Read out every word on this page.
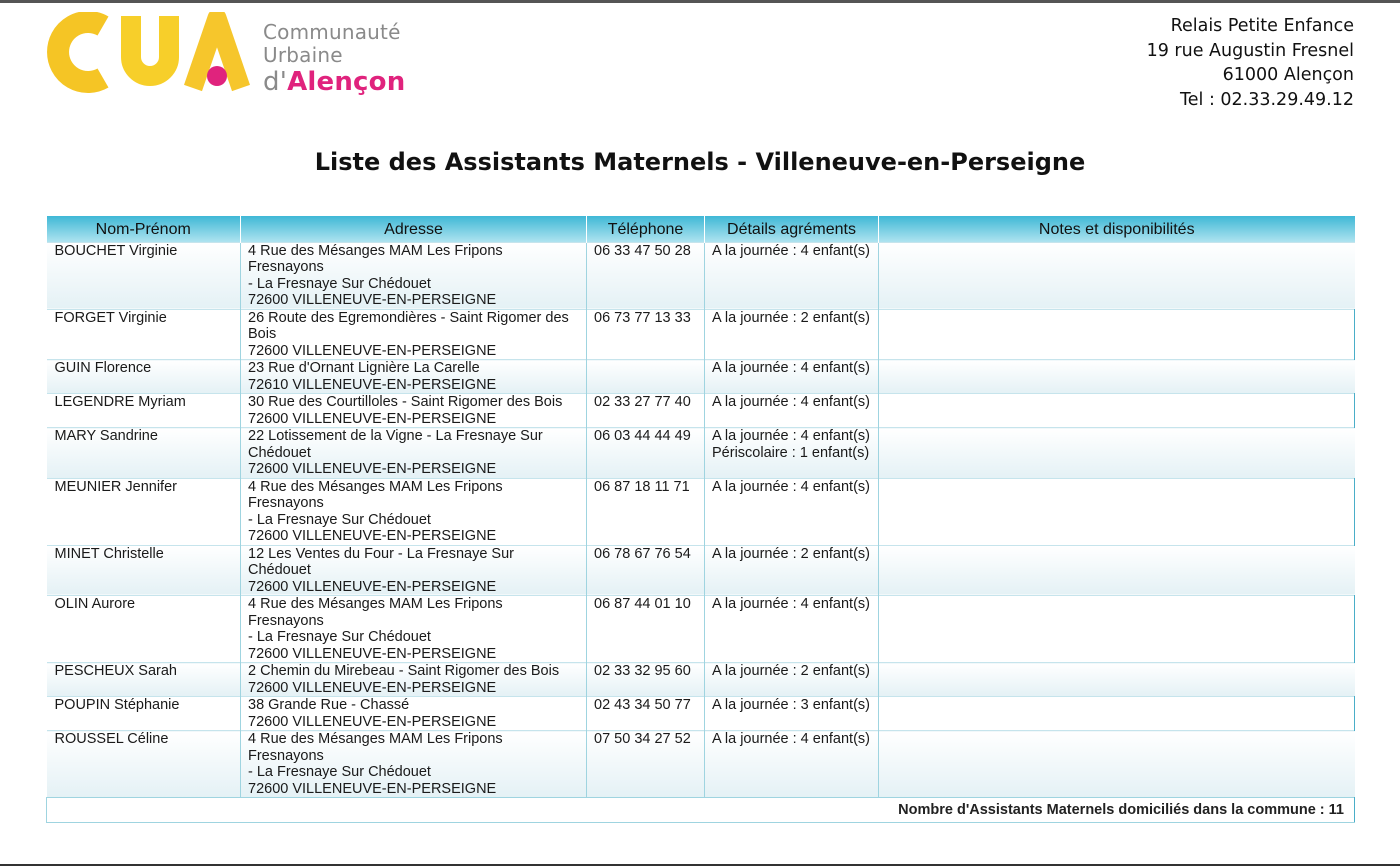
Communauté
Urbaine
d'Alençon
Relais Petite Enfance
19 rue Augustin Fresnel
61000 Alençon
Tel : 02.33.29.49.12
Liste des Assistants Maternels - Villeneuve-en-Perseigne
Nom-Prénom	Adresse	Téléphone	Détails agréments	Notes et disponibilités
BOUCHET Virginie	4 Rue des Mésanges MAM Les Fripons Fresnayons
- La Fresnaye Sur Chédouet
72600 VILLENEUVE-EN-PERSEIGNE	06 33 47 50 28	A la journée : 4 enfant(s)	

FORGET Virginie	26 Route des Egremondières - Saint Rigomer des
Bois
72600 VILLENEUVE-EN-PERSEIGNE	06 73 77 13 33	A la journée : 2 enfant(s)	

GUIN Florence	23 Rue d'Ornant Lignière La Carelle
72610 VILLENEUVE-EN-PERSEIGNE		A la journée : 4 enfant(s)	

LEGENDRE Myriam	30 Rue des Courtilloles - Saint Rigomer des Bois
72600 VILLENEUVE-EN-PERSEIGNE	02 33 27 77 40	A la journée : 4 enfant(s)	

MARY Sandrine	22 Lotissement de la Vigne - La Fresnaye Sur
Chédouet
72600 VILLENEUVE-EN-PERSEIGNE	06 03 44 44 49	A la journée : 4 enfant(s)
Périscolaire : 1 enfant(s)	

MEUNIER Jennifer	4 Rue des Mésanges MAM Les Fripons Fresnayons
- La Fresnaye Sur Chédouet
72600 VILLENEUVE-EN-PERSEIGNE	06 87 18 11 71	A la journée : 4 enfant(s)	

MINET Christelle	12 Les Ventes du Four - La Fresnaye Sur Chédouet
72600 VILLENEUVE-EN-PERSEIGNE	06 78 67 76 54	A la journée : 2 enfant(s)	

OLIN Aurore	4 Rue des Mésanges MAM Les Fripons Fresnayons
- La Fresnaye Sur Chédouet
72600 VILLENEUVE-EN-PERSEIGNE	06 87 44 01 10	A la journée : 4 enfant(s)	

PESCHEUX Sarah	2 Chemin du Mirebeau - Saint Rigomer des Bois
72600 VILLENEUVE-EN-PERSEIGNE	02 33 32 95 60	A la journée : 2 enfant(s)	

POUPIN Stéphanie	38 Grande Rue - Chassé
72600 VILLENEUVE-EN-PERSEIGNE	02 43 34 50 77	A la journée : 3 enfant(s)	

ROUSSEL Céline	4 Rue des Mésanges MAM Les Fripons Fresnayons
- La Fresnaye Sur Chédouet
72600 VILLENEUVE-EN-PERSEIGNE	07 50 34 27 52	A la journée : 4 enfant(s)	

Nombre d'Assistants Maternels domiciliés dans la commune : 11				
